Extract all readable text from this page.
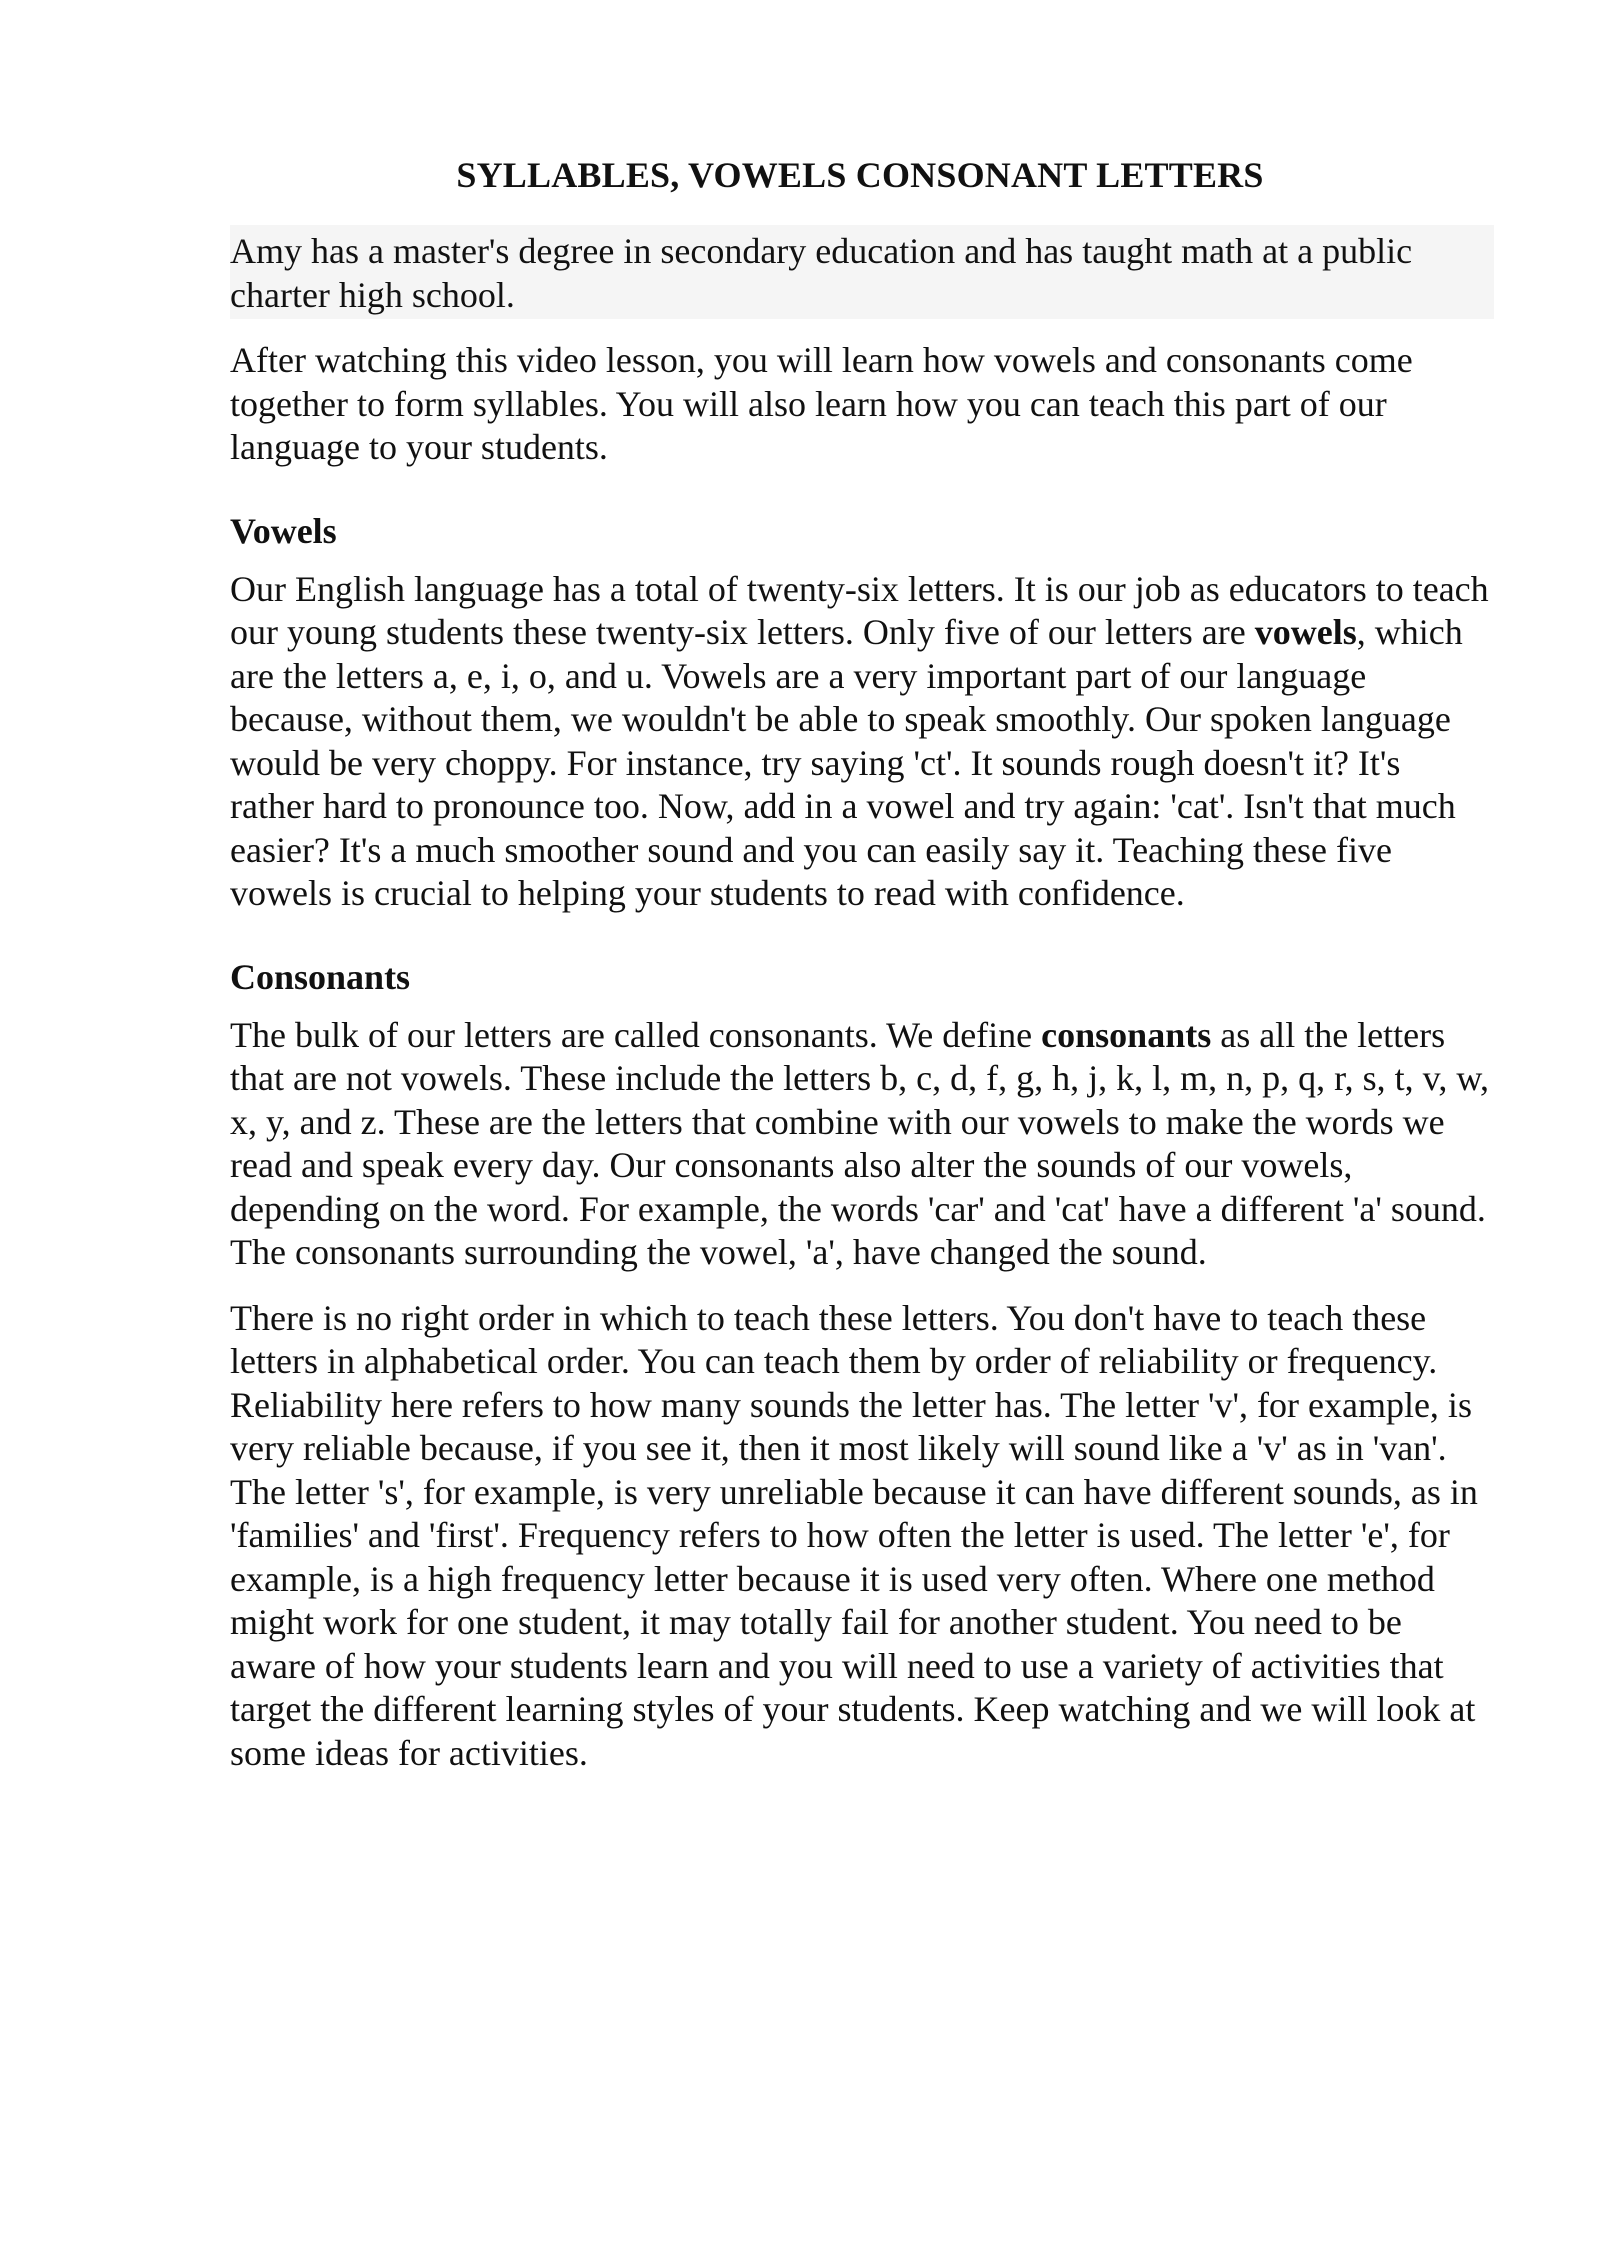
SYLLABLES, VOWELS CONSONANT LETTERS

Amy has a master's degree in secondary education and has taught math at a public charter high school.

After watching this video lesson, you will learn how vowels and consonants come together to form syllables. You will also learn how you can teach this part of our language to your students.

Vowels

Our English language has a total of twenty-six letters. It is our job as educators to teach our young students these twenty-six letters. Only five of our letters are vowels, which are the letters a, e, i, o, and u. Vowels are a very important part of our language because, without them, we wouldn't be able to speak smoothly. Our spoken language would be very choppy. For instance, try saying 'ct'. It sounds rough doesn't it? It's rather hard to pronounce too. Now, add in a vowel and try again: 'cat'. Isn't that much easier? It's a much smoother sound and you can easily say it. Teaching these five vowels is crucial to helping your students to read with confidence.

Consonants

The bulk of our letters are called consonants. We define consonants as all the letters that are not vowels. These include the letters b, c, d, f, g, h, j, k, l, m, n, p, q, r, s, t, v, w, x, y, and z. These are the letters that combine with our vowels to make the words we read and speak every day. Our consonants also alter the sounds of our vowels, depending on the word. For example, the words 'car' and 'cat' have a different 'a' sound. The consonants surrounding the vowel, 'a', have changed the sound.

There is no right order in which to teach these letters. You don't have to teach these letters in alphabetical order. You can teach them by order of reliability or frequency. Reliability here refers to how many sounds the letter has. The letter 'v', for example, is very reliable because, if you see it, then it most likely will sound like a 'v' as in 'van'. The letter 's', for example, is very unreliable because it can have different sounds, as in 'families' and 'first'. Frequency refers to how often the letter is used. The letter 'e', for example, is a high frequency letter because it is used very often. Where one method might work for one student, it may totally fail for another student. You need to be aware of how your students learn and you will need to use a variety of activities that target the different learning styles of your students. Keep watching and we will look at some ideas for activities.
